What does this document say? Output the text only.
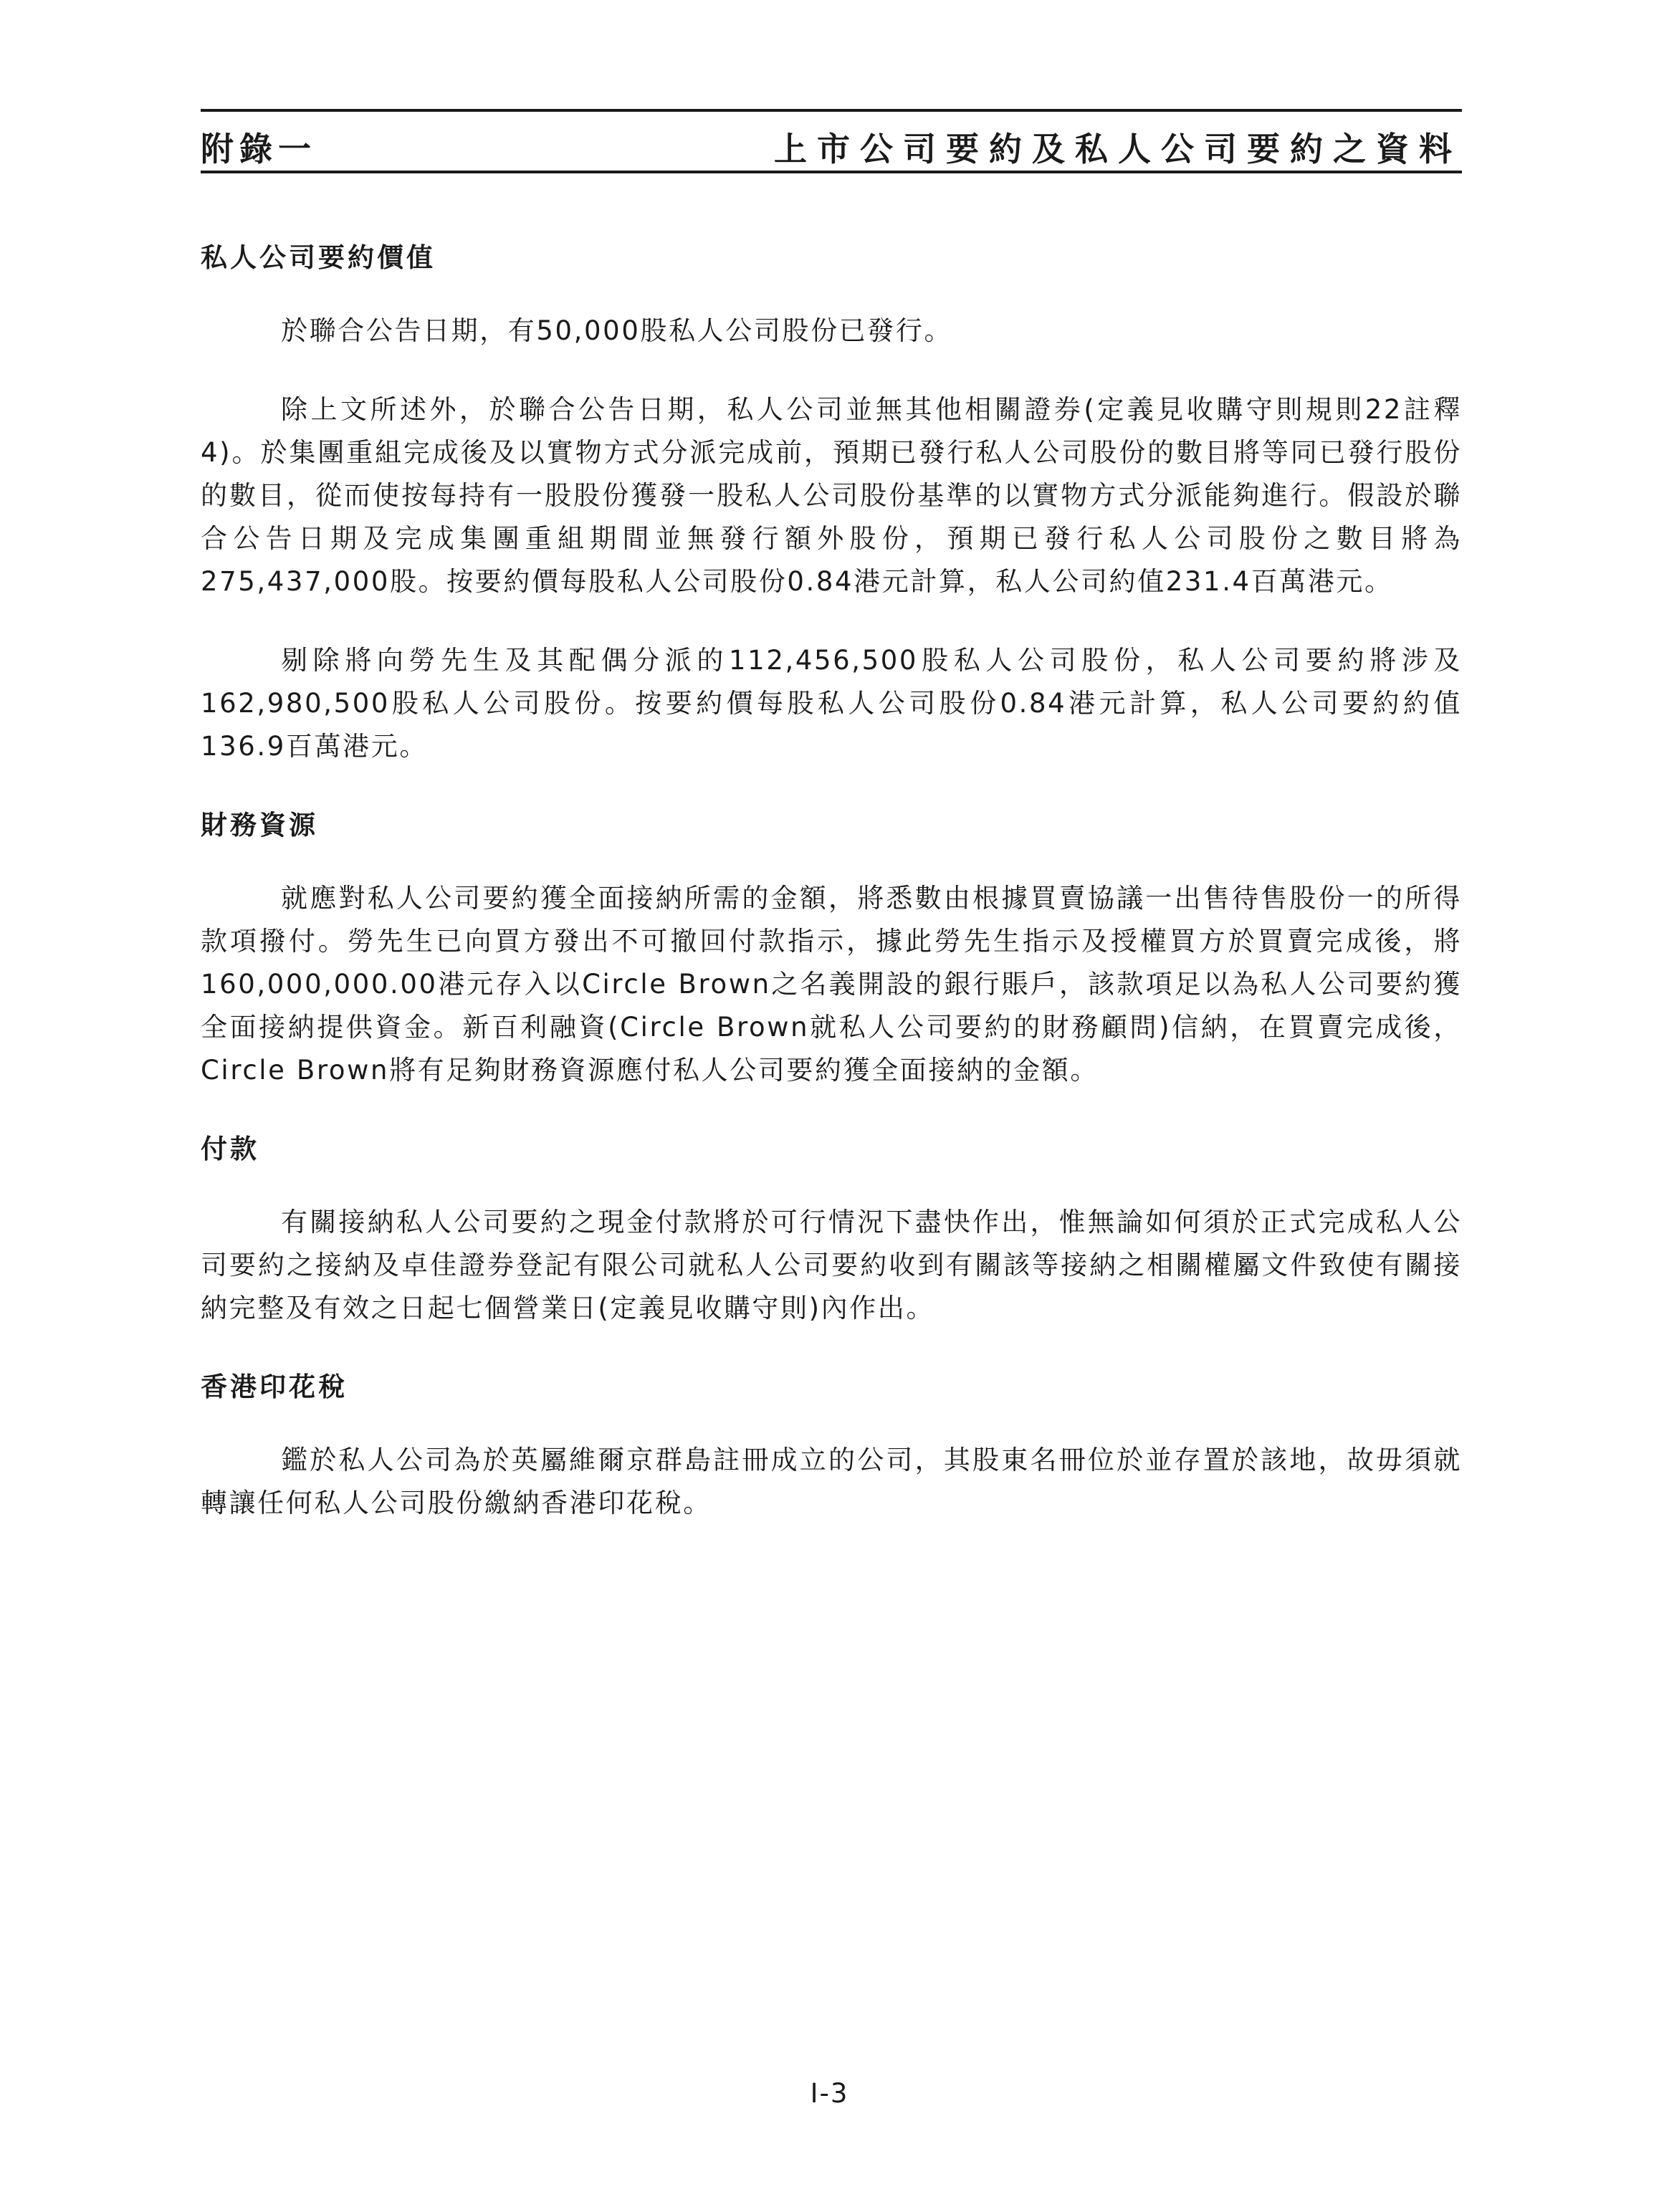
附錄一	上市公司要約及私人公司要約之資料
私人公司要約價值

於聯合公告日期，有50,000股私人公司股份已發行。

除上文所述外，於聯合公告日期，私人公司並無其他相關證券(定義見收購守則規則22註釋4)。於集團重組完成後及以實物方式分派完成前，預期已發行私人公司股份的數目將等同已發行股份的數目，從而使按每持有一股股份獲發一股私人公司股份基準的以實物方式分派能夠進行。假設於聯合公告日期及完成集團重組期間並無發行額外股份，預期已發行私人公司股份之數目將為275,437,000股。按要約價每股私人公司股份0.84港元計算，私人公司約值231.4百萬港元。

剔除將向勞先生及其配偶分派的112,456,500股私人公司股份，私人公司要約將涉及162,980,500股私人公司股份。按要約價每股私人公司股份0.84港元計算，私人公司要約約值136.9百萬港元。

財務資源

就應對私人公司要約獲全面接納所需的金額，將悉數由根據買賣協議一出售待售股份一的所得款項撥付。勞先生已向買方發出不可撤回付款指示，據此勞先生指示及授權買方於買賣完成後，將160,000,000.00港元存入以Circle Brown之名義開設的銀行賬戶，該款項足以為私人公司要約獲全面接納提供資金。新百利融資(Circle Brown就私人公司要約的財務顧問)信納，在買賣完成後，Circle Brown將有足夠財務資源應付私人公司要約獲全面接納的金額。

付款

有關接納私人公司要約之現金付款將於可行情況下盡快作出，惟無論如何須於正式完成私人公司要約之接納及卓佳證券登記有限公司就私人公司要約收到有關該等接納之相關權屬文件致使有關接納完整及有效之日起七個營業日(定義見收購守則)內作出。

香港印花稅

鑑於私人公司為於英屬維爾京群島註冊成立的公司，其股東名冊位於並存置於該地，故毋須就轉讓任何私人公司股份繳納香港印花稅。

I-3
